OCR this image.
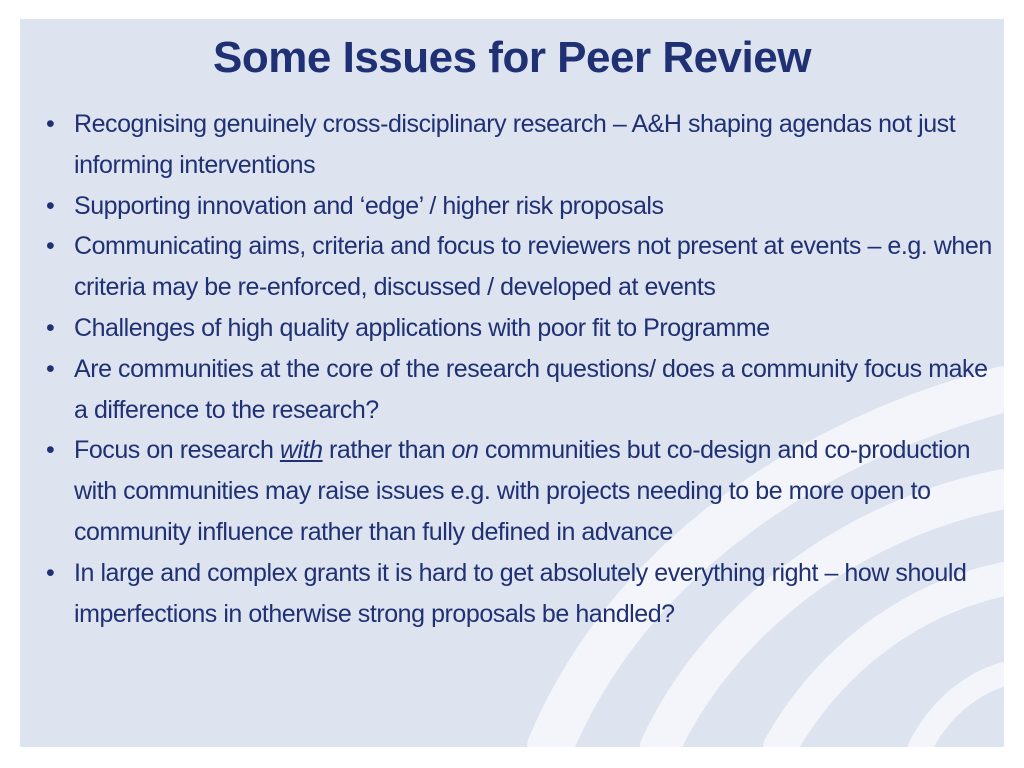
Some Issues for Peer Review
• Recognising genuinely cross-disciplinary research – A&H shaping agendas not just informing interventions
• Supporting innovation and ‘edge’ / higher risk proposals
• Communicating aims, criteria and focus to reviewers not present at events – e.g. when criteria may be re-enforced, discussed / developed at events
• Challenges of high quality applications with poor fit to Programme
• Are communities at the core of the research questions/ does a community focus make a difference to the research?
• Focus on research with rather than on communities but co-design and co-production with communities may raise issues e.g. with projects needing to be more open to community influence rather than fully defined in advance
• In large and complex grants it is hard to get absolutely everything right – how should imperfections in otherwise strong proposals be handled?
